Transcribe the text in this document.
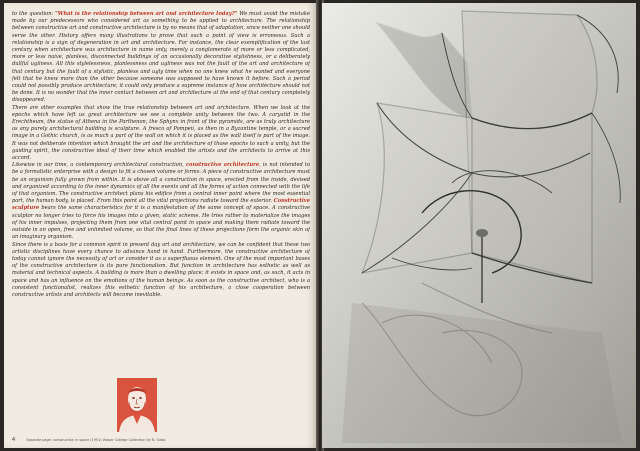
to the question: "What is the relationship between art and architecture today?" We must avoid the mistake made by our predecessors who considered art as something to be applied to architecture. The relationship between constructive art and constructive architecture is by no means that of adaptation, since neither one should serve the other. History offers many illustrations to prove that such a point of view is erroneous. Such a relationship is a sign of degeneration in art and architecture. For instance, the clear exemplification of the last century when architecture was architecture in name only, merely a conglomerate of more or less complicated, more or less naive, planless, disconnected buildings of an occasionally decorative stylishness, or a deliberately dullful ugliness. All this stylelessness, planlessness and ugliness was not the fault of the art and architecture of that century but the fault of a stylistic, planless and ugly time when no one knew what he wanted and everyone felt that he knew more than the other because someone was supposed to have known it before. Such a period could not possibly produce architecture; it could only produce a supreme instance of how architecture should not be done. It is no wonder that the inner contact between art and architecture at the end of that century completely disappeared.

There are other examples that show the true relationship between art and architecture. When we look at the epochs which have left us great architecture we see a complete unity between the two. A caryatid in the Erechtheum, the statue of Athena in the Parthenon, the Sphynx in front of the pyramids, are as truly architecture as any purely architectural building is sculpture. A fresco of Pompeii, as then in a Byzantine temple, or a sacred image in a Gothic church, is as much a part of the wall on which it is placed as the wall itself is part of the image. It was not deliberate intention which brought the art and the architecture of those epochs to such a unity, but the guiding spirit, the constructive ideal of their time which enabled the artists and the architects to arrive at this accord.

Likewise in our time, a contemporary architectural construction, constructive architecture, is not intended to be a formalistic enterprise with a design to fit a chosen volume or forms. A piece of constructive architecture must be an organism fully grown from within. It is above all a construction in space, erected from the inside, devised and organized according to the inner dynamics of all the events and all the forms of action connected with the life of that organism. The constructive architect plans his edifice from a central inner point where the most essential part, the human body, is placed. From this point all the vital projections radiate toward the exterior. Constructive sculpture bears the same characteristics for it is a manifestation of the same concept of space. A constructive sculptor no longer tries to force his images into a given, static scheme. He tries rather to materialize the images of his inner impulses, projecting them from one vital central point in space and making them radiate toward the outside in an open, free and unlimited volume, so that the final lines of these projections form the organic skin of an imaginary organism.

Since there is a basis for a common spirit in present day art and architecture, we can be confident that these two artistic disciplines have every chance to advance hand in hand. Furthermore, the constructive architecture of today cannot ignore the necessity of art or consider it as a superfluous element. One of the most important bases of the constructive architecture is its pure functionalism. But function in architecture has esthetic as well as material and technical aspects. A building is more than a dwelling place; it exists in space and, as such, it acts in space and has an influence on the emotions of the human beings. As soon as the constructive architect, who is a consistent functionalist, realizes this esthetic function of his architecture, a close cooperation between constructive artists and architects will become inevitable.

4	Opposite page: construction in space (1951) Vassar College Collection by N. Gabo.
